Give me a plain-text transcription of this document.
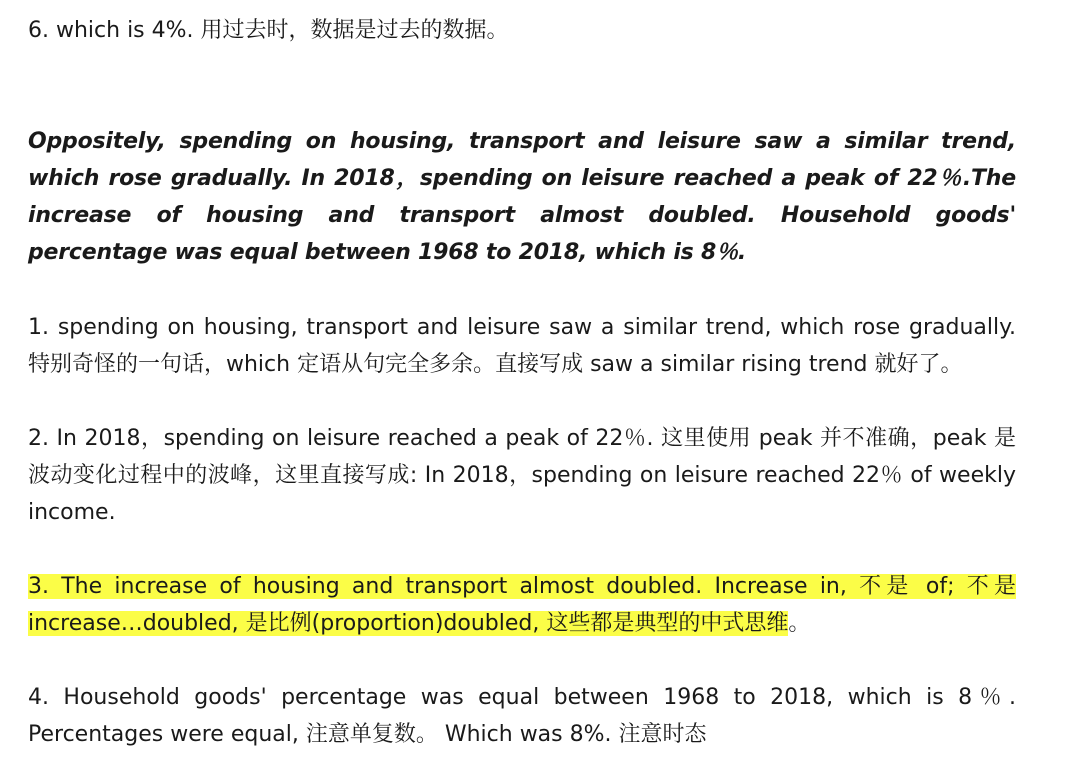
6. which is 4%. 用过去时，数据是过去的数据。

Oppositely, spending on housing, transport and leisure saw a similar trend, which rose gradually. In 2018，spending on leisure reached a peak of 22％.The increase of housing and transport almost doubled. Household goods' percentage was equal between 1968 to 2018, which is 8％.

1. spending on housing, transport and leisure saw a similar trend, which rose gradually. 特别奇怪的一句话，which 定语从句完全多余。直接写成 saw a similar rising trend 就好了。

2. In 2018，spending on leisure reached a peak of 22％. 这里使用 peak 并不准确，peak 是波动变化过程中的波峰，这里直接写成: In 2018，spending on leisure reached 22％ of weekly income.

3. The increase of housing and transport almost doubled. Increase in, 不是 of; 不是 increase…doubled, 是比例(proportion)doubled, 这些都是典型的中式思维。

4. Household goods' percentage was equal between 1968 to 2018, which is 8％. Percentages were equal, 注意单复数。 Which was 8%. 注意时态
